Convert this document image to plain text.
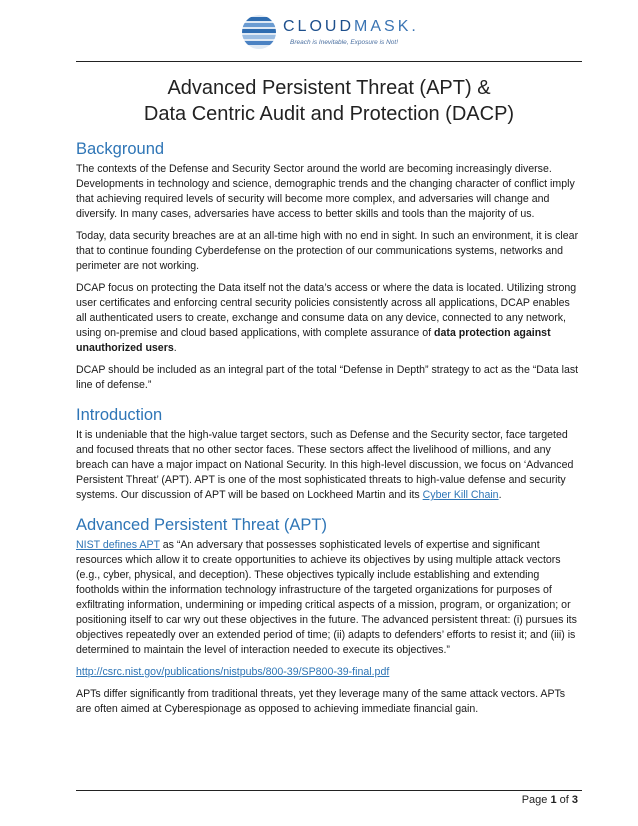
CLOUDMASK.
Breach is Inevitable, Exposure is Not!
Advanced Persistent Threat (APT) &
Data Centric Audit and Protection (DACP)
Background

The contexts of the Defense and Security Sector around the world are becoming increasingly diverse. Developments in technology and science, demographic trends and the changing character of conflict imply that achieving required levels of security will become more complex, and adversaries will change and diversify. In many cases, adversaries have access to better skills and tools than the majority of us.

Today, data security breaches are at an all-time high with no end in sight. In such an environment, it is clear that to continue founding Cyberdefense on the protection of our communications systems, networks and perimeter are not working.

DCAP focus on protecting the Data itself not the data’s access or where the data is located. Utilizing strong user certificates and enforcing central security policies consistently across all applications, DCAP enables all authenticated users to create, exchange and consume data on any device, connected to any network, using on-premise and cloud based applications, with complete assurance of data protection against unauthorized users.

DCAP should be included as an integral part of the total “Defense in Depth” strategy to act as the “Data last line of defense.”

Introduction

It is undeniable that the high-value target sectors, such as Defense and the Security sector, face targeted and focused threats that no other sector faces. These sectors affect the livelihood of millions, and any breach can have a major impact on National Security. In this high-level discussion, we focus on ‘Advanced Persistent Threat’ (APT). APT is one of the most sophisticated threats to high-value defense and security systems. Our discussion of APT will be based on Lockheed Martin and its Cyber Kill Chain.

Advanced Persistent Threat (APT)

NIST defines APT as “An adversary that possesses sophisticated levels of expertise and significant resources which allow it to create opportunities to achieve its objectives by using multiple attack vectors (e.g., cyber, physical, and deception). These objectives typically include establishing and extending footholds within the information technology infrastructure of the targeted organizations for purposes of exfiltrating information, undermining or impeding critical aspects of a mission, program, or organization; or positioning itself to car wry out these objectives in the future. The advanced persistent threat: (i) pursues its objectives repeatedly over an extended period of time; (ii) adapts to defenders’ efforts to resist it; and (iii) is determined to maintain the level of interaction needed to execute its objectives.”

http://csrc.nist.gov/publications/nistpubs/800-39/SP800-39-final.pdf

APTs differ significantly from traditional threats, yet they leverage many of the same attack vectors. APTs are often aimed at Cyberespionage as opposed to achieving immediate financial gain.

Page 1 of 3
